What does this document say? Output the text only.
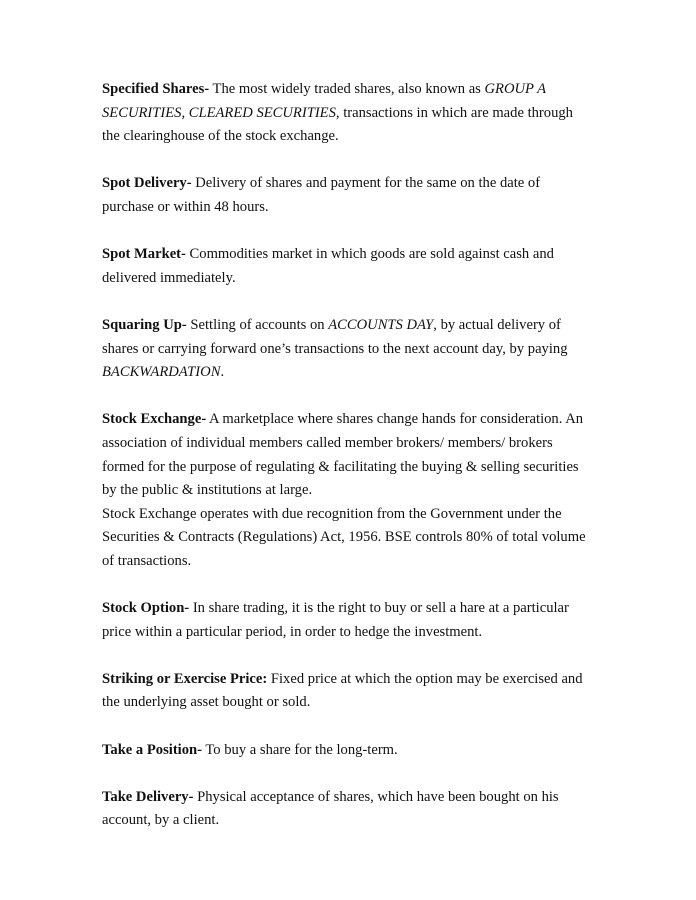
Specified Shares- The most widely traded shares, also known as GROUP A SECURITIES, CLEARED SECURITIES, transactions in which are made through the clearinghouse of the stock exchange.

Spot Delivery- Delivery of shares and payment for the same on the date of purchase or within 48 hours.

Spot Market- Commodities market in which goods are sold against cash and delivered immediately.

Squaring Up- Settling of accounts on ACCOUNTS DAY, by actual delivery of shares or carrying forward one’s transactions to the next account day, by paying BACKWARDATION.

Stock Exchange- A marketplace where shares change hands for consideration. An association of individual members called member brokers/ members/ brokers formed for the purpose of regulating & facilitating the buying & selling securities by the public & institutions at large.

Stock Exchange operates with due recognition from the Government under the Securities & Contracts (Regulations) Act, 1956. BSE controls 80% of total volume of transactions.

Stock Option- In share trading, it is the right to buy or sell a hare at a particular price within a particular period, in order to hedge the investment.

Striking or Exercise Price: Fixed price at which the option may be exercised and the underlying asset bought or sold.

Take a Position- To buy a share for the long-term.

Take Delivery- Physical acceptance of shares, which have been bought on his account, by a client.
